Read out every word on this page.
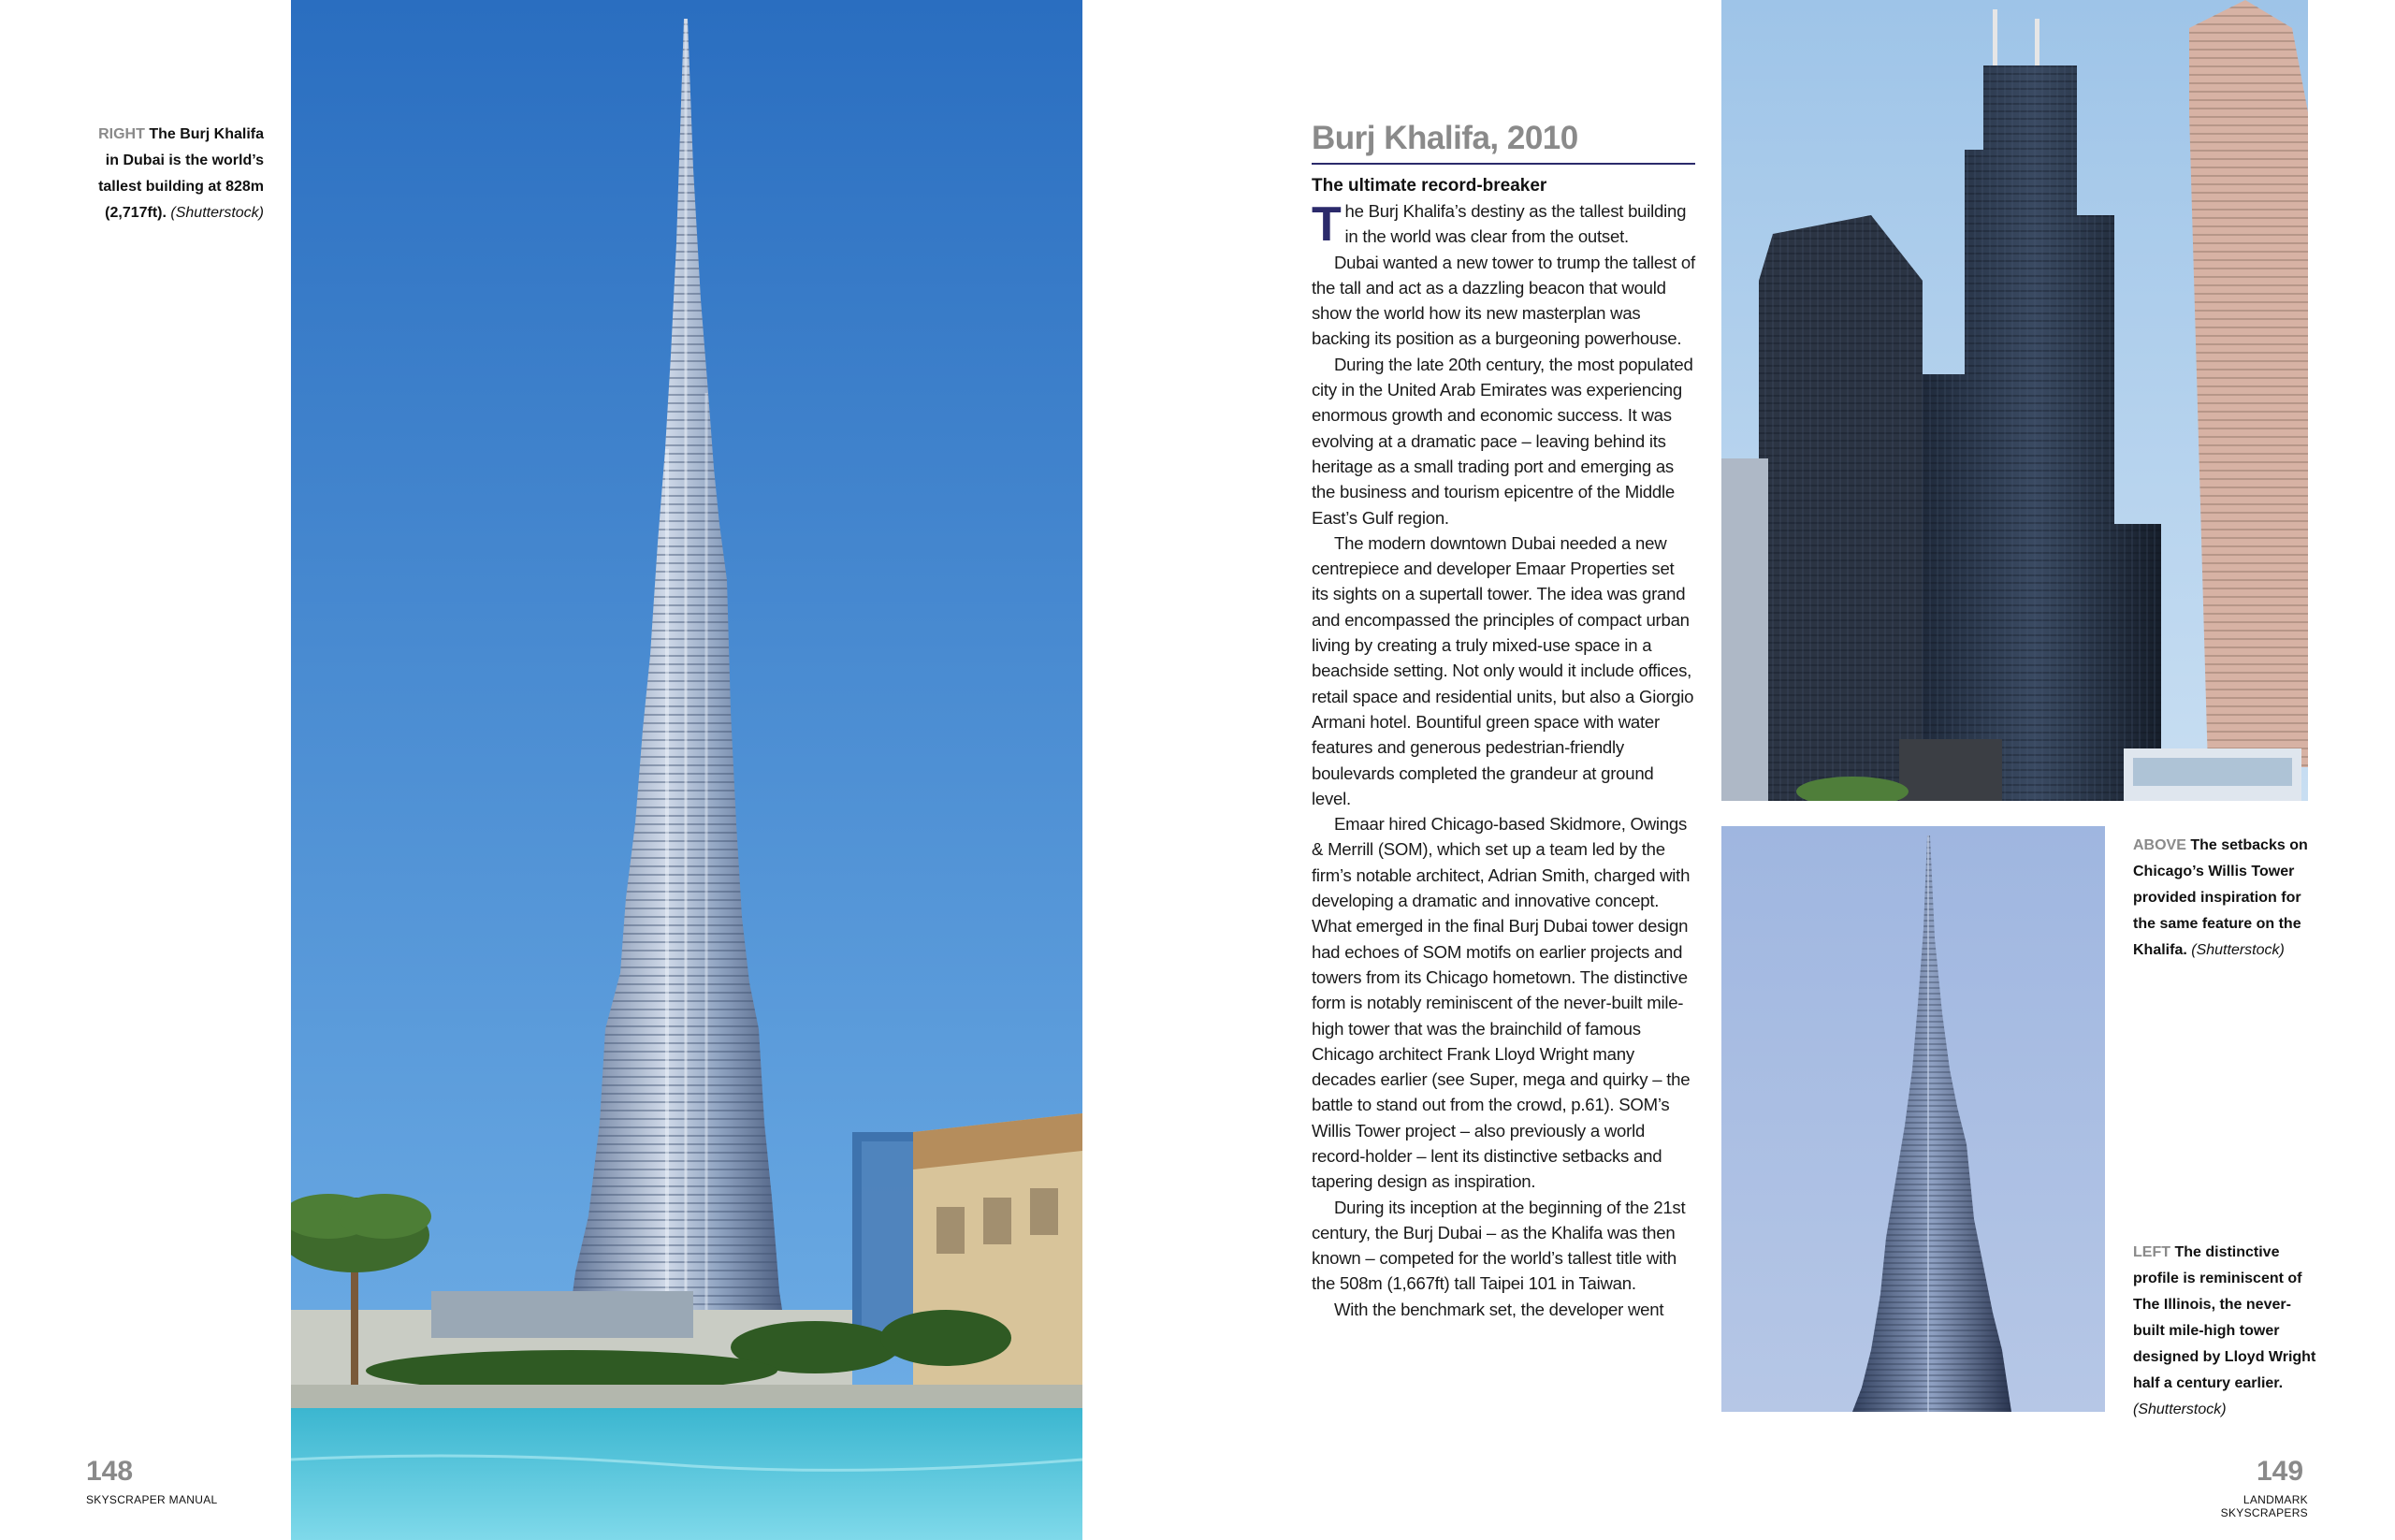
RIGHT The Burj Khalifa in Dubai is the world’s tallest building at 828m (2,717ft). (Shutterstock)
148
SKYSCRAPER MANUAL
Burj Khalifa, 2010
The ultimate record-breaker

The Burj Khalifa’s destiny as the tallest building in the world was clear from the outset.

Dubai wanted a new tower to trump the tallest of the tall and act as a dazzling beacon that would show the world how its new masterplan was backing its position as a burgeoning powerhouse.

During the late 20th century, the most populated city in the United Arab Emirates was experiencing enormous growth and economic success. It was evolving at a dramatic pace – leaving behind its heritage as a small trading port and emerging as the business and tourism epicentre of the Middle East’s Gulf region.

The modern downtown Dubai needed a new centrepiece and developer Emaar Properties set its sights on a supertall tower. The idea was grand and encompassed the principles of compact urban living by creating a truly mixed-use space in a beachside setting. Not only would it include offices, retail space and residential units, but also a Giorgio Armani hotel. Bountiful green space with water features and generous pedestrian-friendly boulevards completed the grandeur at ground level.

Emaar hired Chicago-based Skidmore, Owings & Merrill (SOM), which set up a team led by the firm’s notable architect, Adrian Smith, charged with developing a dramatic and innovative concept. What emerged in the final Burj Dubai tower design had echoes of SOM motifs on earlier projects and towers from its Chicago hometown. The distinctive form is notably reminiscent of the never-built mile-high tower that was the brainchild of famous Chicago architect Frank Lloyd Wright many decades earlier (see Super, mega and quirky – the battle to stand out from the crowd, p.61). SOM’s Willis Tower project – also previously a world record-holder – lent its distinctive setbacks and tapering design as inspiration.

During its inception at the beginning of the 21st century, the Burj Dubai – as the Khalifa was then known – competed for the world’s tallest title with the 508m (1,667ft) tall Taipei 101 in Taiwan.

With the benchmark set, the developer went

ABOVE The setbacks on Chicago’s Willis Tower provided inspiration for the same feature on the Khalifa. (Shutterstock)
LEFT The distinctive profile is reminiscent of The Illinois, the never-built mile-high tower designed by Lloyd Wright half a century earlier. (Shutterstock)
149
LANDMARK SKYSCRAPERS
